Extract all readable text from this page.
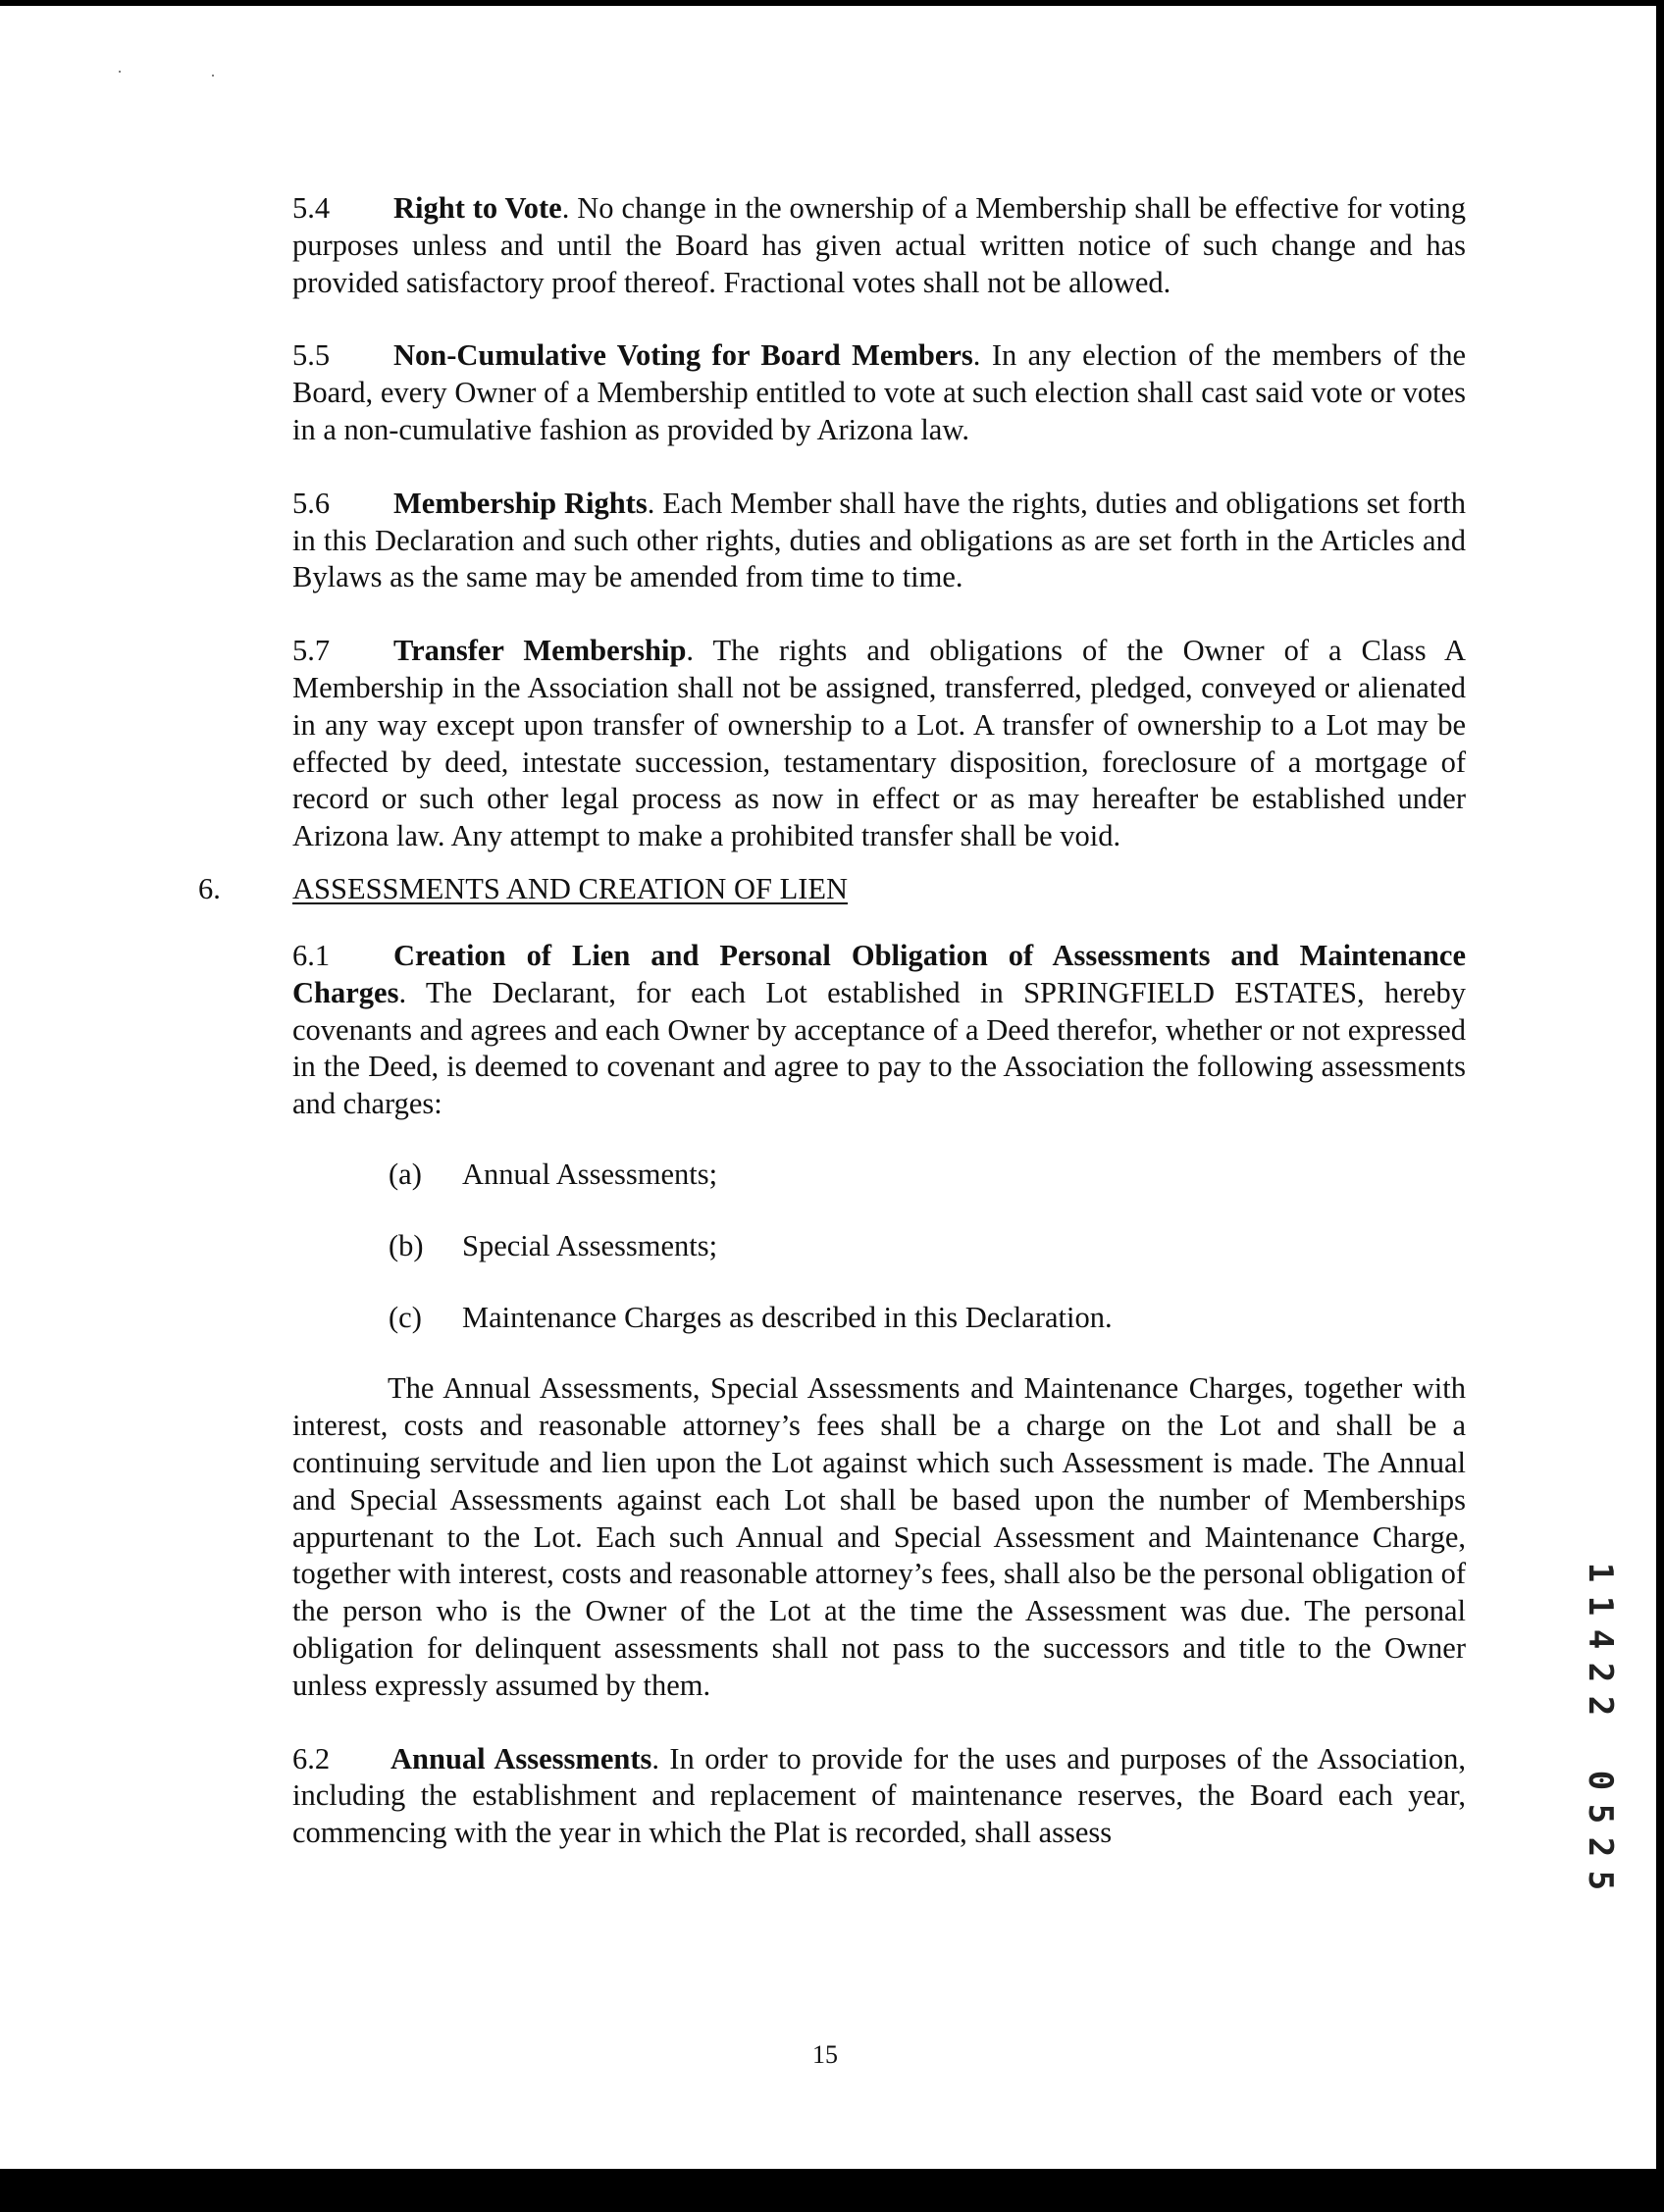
5.4 Right to Vote. No change in the ownership of a Membership shall be effective for voting purposes unless and until the Board has given actual written notice of such change and has provided satisfactory proof thereof. Fractional votes shall not be allowed.

5.5 Non-Cumulative Voting for Board Members. In any election of the members of the Board, every Owner of a Membership entitled to vote at such election shall cast said vote or votes in a non-cumulative fashion as provided by Arizona law.

5.6 Membership Rights. Each Member shall have the rights, duties and obligations set forth in this Declaration and such other rights, duties and obligations as are set forth in the Articles and Bylaws as the same may be amended from time to time.

5.7 Transfer Membership. The rights and obligations of the Owner of a Class A Membership in the Association shall not be assigned, transferred, pledged, conveyed or alienated in any way except upon transfer of ownership to a Lot. A transfer of ownership to a Lot may be effected by deed, intestate succession, testamentary disposition, foreclosure of a mortgage of record or such other legal process as now in effect or as may hereafter be established under Arizona law. Any attempt to make a prohibited transfer shall be void.

6. ASSESSMENTS AND CREATION OF LIEN

6.1 Creation of Lien and Personal Obligation of Assessments and Maintenance Charges. The Declarant, for each Lot established in SPRINGFIELD ESTATES, hereby covenants and agrees and each Owner by acceptance of a Deed therefor, whether or not expressed in the Deed, is deemed to covenant and agree to pay to the Association the following assessments and charges:

(a) Annual Assessments;
(b) Special Assessments;
(c) Maintenance Charges as described in this Declaration.

The Annual Assessments, Special Assessments and Maintenance Charges, together with interest, costs and reasonable attorney’s fees shall be a charge on the Lot and shall be a continuing servitude and lien upon the Lot against which such Assessment is made. The Annual and Special Assessments against each Lot shall be based upon the number of Memberships appurtenant to the Lot. Each such Annual and Special Assessment and Maintenance Charge, together with interest, costs and reasonable attorney’s fees, shall also be the personal obligation of the person who is the Owner of the Lot at the time the Assessment was due. The personal obligation for delinquent assessments shall not pass to the successors and title to the Owner unless expressly assumed by them.

6.2 Annual Assessments. In order to provide for the uses and purposes of the Association, including the establishment and replacement of maintenance reserves, the Board each year, commencing with the year in which the Plat is recorded, shall assess

15
1
1
4
2
2
0
5
2
5
